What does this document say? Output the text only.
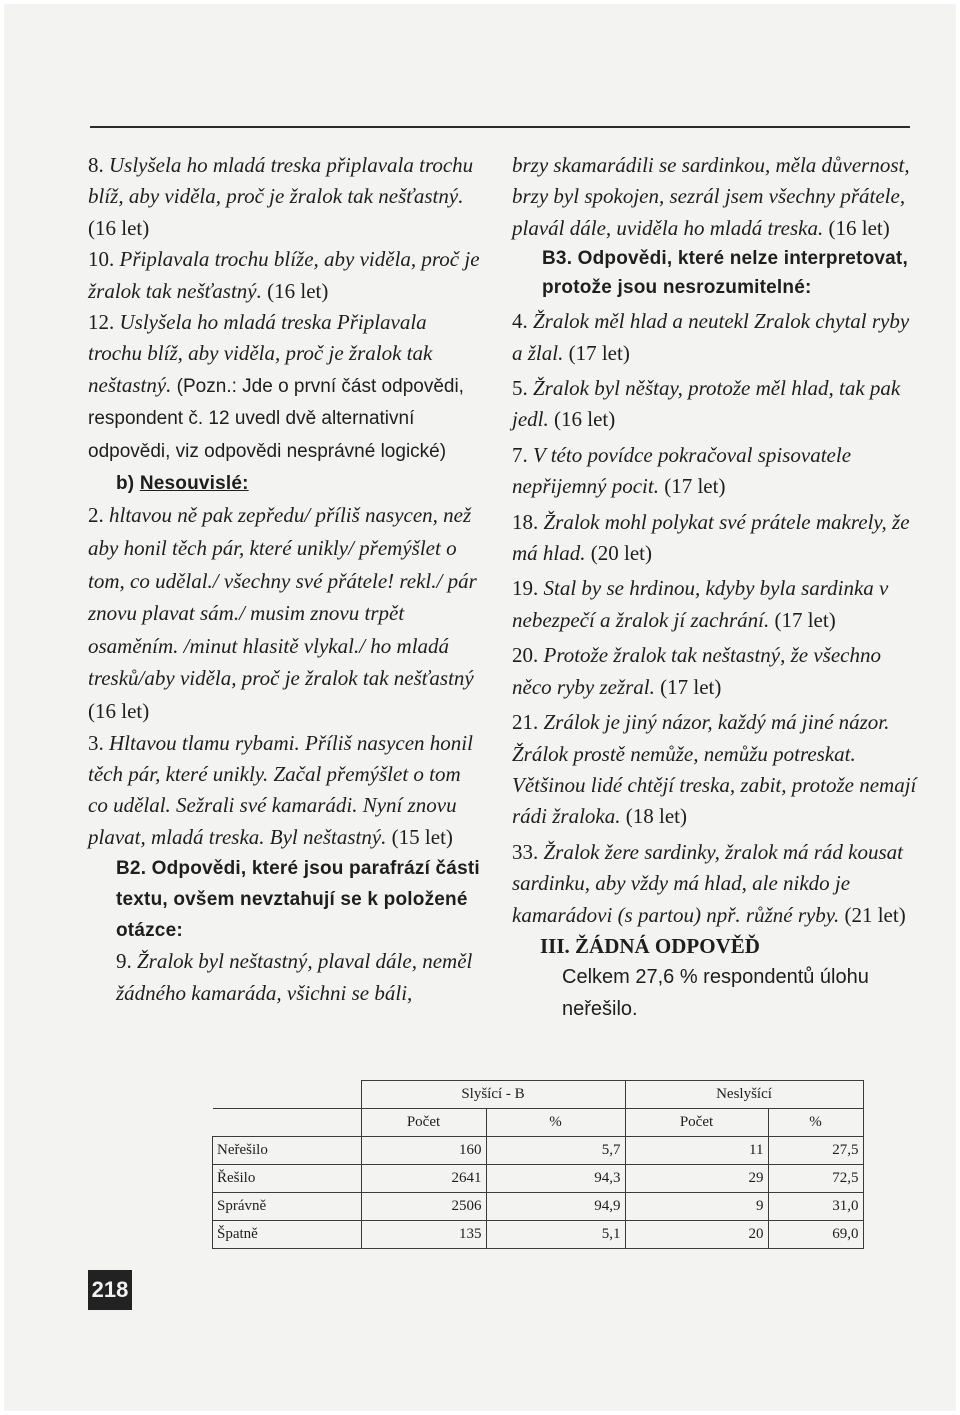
8. Uslyšela ho mladá treska připlavala trochu blíž, aby viděla, proč je žralok tak nešťastný. (16 let)

10. Připlavala trochu blíže, aby viděla, proč je žralok tak nešťastný. (16 let)

12. Uslyšela ho mladá treska Připlavala trochu blíž, aby viděla, proč je žralok tak neštastný. (Pozn.: Jde o první část odpovědi, respondent č. 12 uvedl dvě alternativní odpovědi, viz odpovědi nesprávné logické)

b) Nesouvislé:

2. hltavou ně pak zepředu/ příliš nasycen, než aby honil těch pár, které unikly/ přemýšlet o tom, co udělal./ všechny své přátele! rekl./ pár znovu plavat sám./ musim znovu trpět osaměním. /minut hlasitě vlykal./ ho mladá tresků/aby viděla, proč je žralok tak nešťastný (16 let)

3. Hltavou tlamu rybami. Příliš nasycen honil těch pár, které unikly. Začal přemýšlet o tom co udělal. Sežrali své kamarádi. Nyní znovu plavat, mladá treska. Byl neštastný. (15 let)

B2. Odpovědi, které jsou parafrází části textu, ovšem nevztahují se k položené otázce:

9. Žralok byl neštastný, plaval dále, neměl žádného kamaráda, všichni se báli,

brzy skamarádili se sardinkou, měla důvernost, brzy byl spokojen, sezrál jsem všechny přátele, plavál dále, uviděla ho mladá treska. (16 let)

B3. Odpovědi, které nelze interpretovat, protože jsou nesrozumitelné:

4. Žralok měl hlad a neutekl Zralok chytal ryby a žlal. (17 let)

5. Žralok byl něštay, protože měl hlad, tak pak jedl. (16 let)

7. V této povídce pokračoval spisovatele nepřijemný pocit. (17 let)

18. Žralok mohl polykat své prátele makrely, že má hlad. (20 let)

19. Stal by se hrdinou, kdyby byla sardinka v nebezpečí a žralok jí zachrání. (17 let)

20. Protože žralok tak neštastný, že všechno něco ryby zežral. (17 let)

21. Zrálok je jiný názor, každý má jiné názor. Žrálok prostě nemůže, nemůžu potreskat. Většinou lidé chtějí treska, zabit, protože nemají rádi žraloka. (18 let)

33. Žralok žere sardinky, žralok má rád kousat sardinku, aby vždy má hlad, ale nikdo je kamarádovi (s partou) npř. růžné ryby. (21 let)

III. ŽÁDNÁ ODPOVĚĎ

Celkem 27,6 % respondentů úlohu neřešilo.

	Slyšící - B		Neslyšící	
	Počet	%	Počet	%
Neřešilo	160	5,7	11	27,5
Řešilo	2641	94,3	29	72,5
Správně	2506	94,9	9	31,0
Špatně	135	5,1	20	69,0
218
